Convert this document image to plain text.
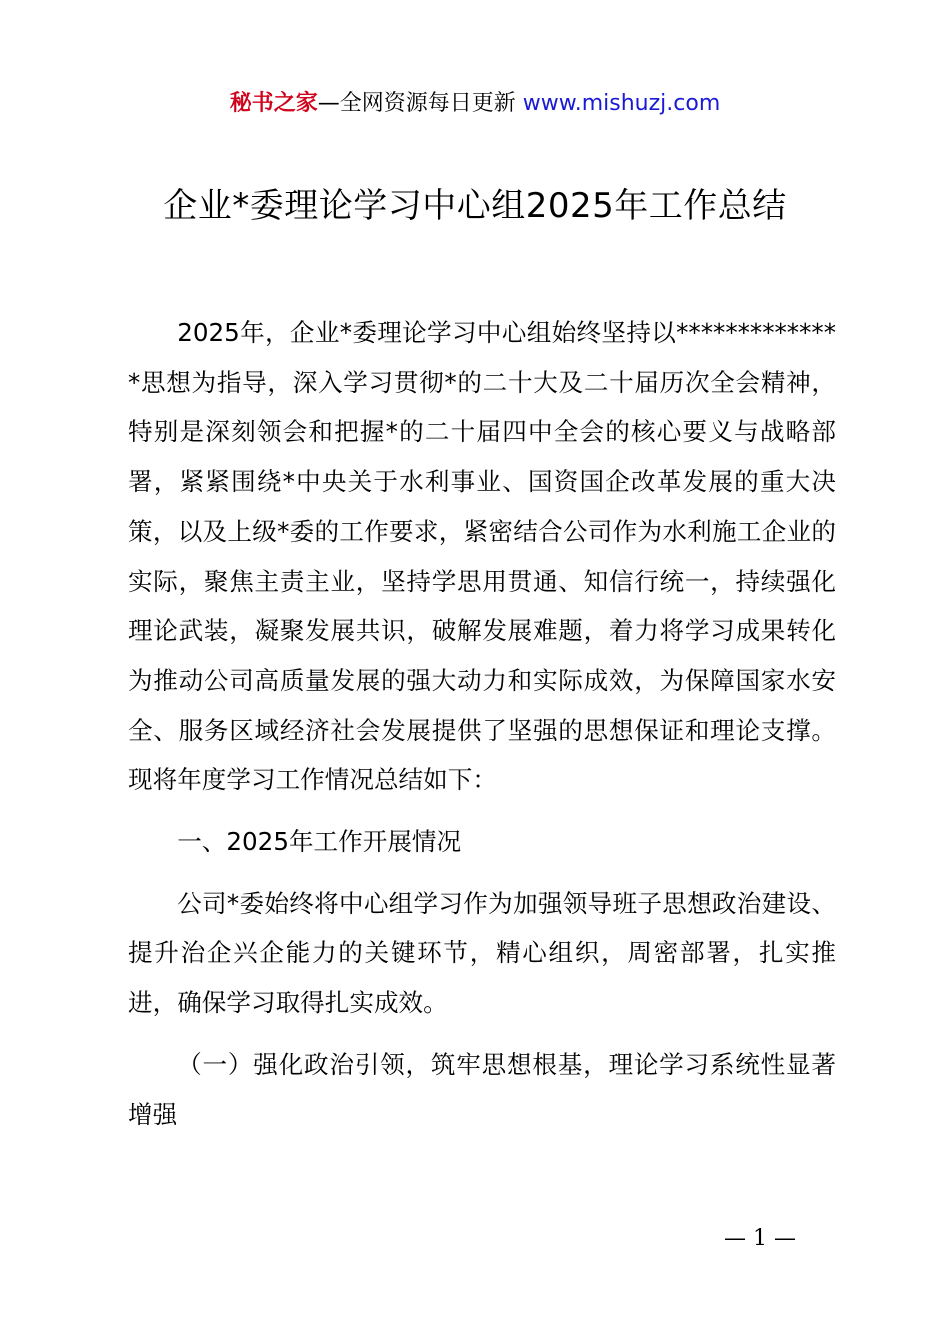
秘书之家—全网资源每日更新 www.mishuzj.com
企业*委理论学习中心组2025年工作总结

2025年，企业*委理论学习中心组始终坚持以**************思想为指导，深入学习贯彻*的二十大及二十届历次全会精神，特别是深刻领会和把握*的二十届四中全会的核心要义与战略部署，紧紧围绕*中央关于水利事业、国资国企改革发展的重大决策，以及上级*委的工作要求，紧密结合公司作为水利施工企业的实际，聚焦主责主业，坚持学思用贯通、知信行统一，持续强化理论武装，凝聚发展共识，破解发展难题，着力将学习成果转化为推动公司高质量发展的强大动力和实际成效，为保障国家水安全、服务区域经济社会发展提供了坚强的思想保证和理论支撑。现将年度学习工作情况总结如下：

一、2025年工作开展情况

公司*委始终将中心组学习作为加强领导班子思想政治建设、提升治企兴企能力的关键环节，精心组织，周密部署，扎实推进，确保学习取得扎实成效。

（一）强化政治引领，筑牢思想根基，理论学习系统性显著增强

— 1 —
